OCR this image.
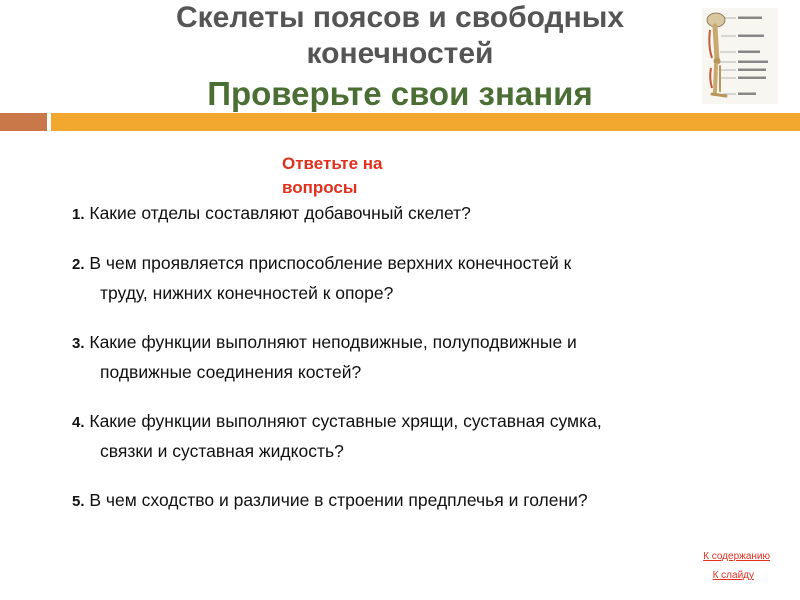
Скелеты поясов и свободных
конечностей
Проверьте свои знания
Ответьте на вопросы
1. Какие отделы составляют добавочный скелет?
2. В чем проявляется приспособление верхних конечностей к
труду, нижних конечностей к опоре?
3. Какие функции выполняют неподвижные, полуподвижные и
подвижные соединения костей?
4. Какие функции выполняют суставные хрящи, суставная сумка,
связки и суставная жидкость?
5. В чем сходство и различие в строении предплечья и голени?
К содержанию
К слайду
